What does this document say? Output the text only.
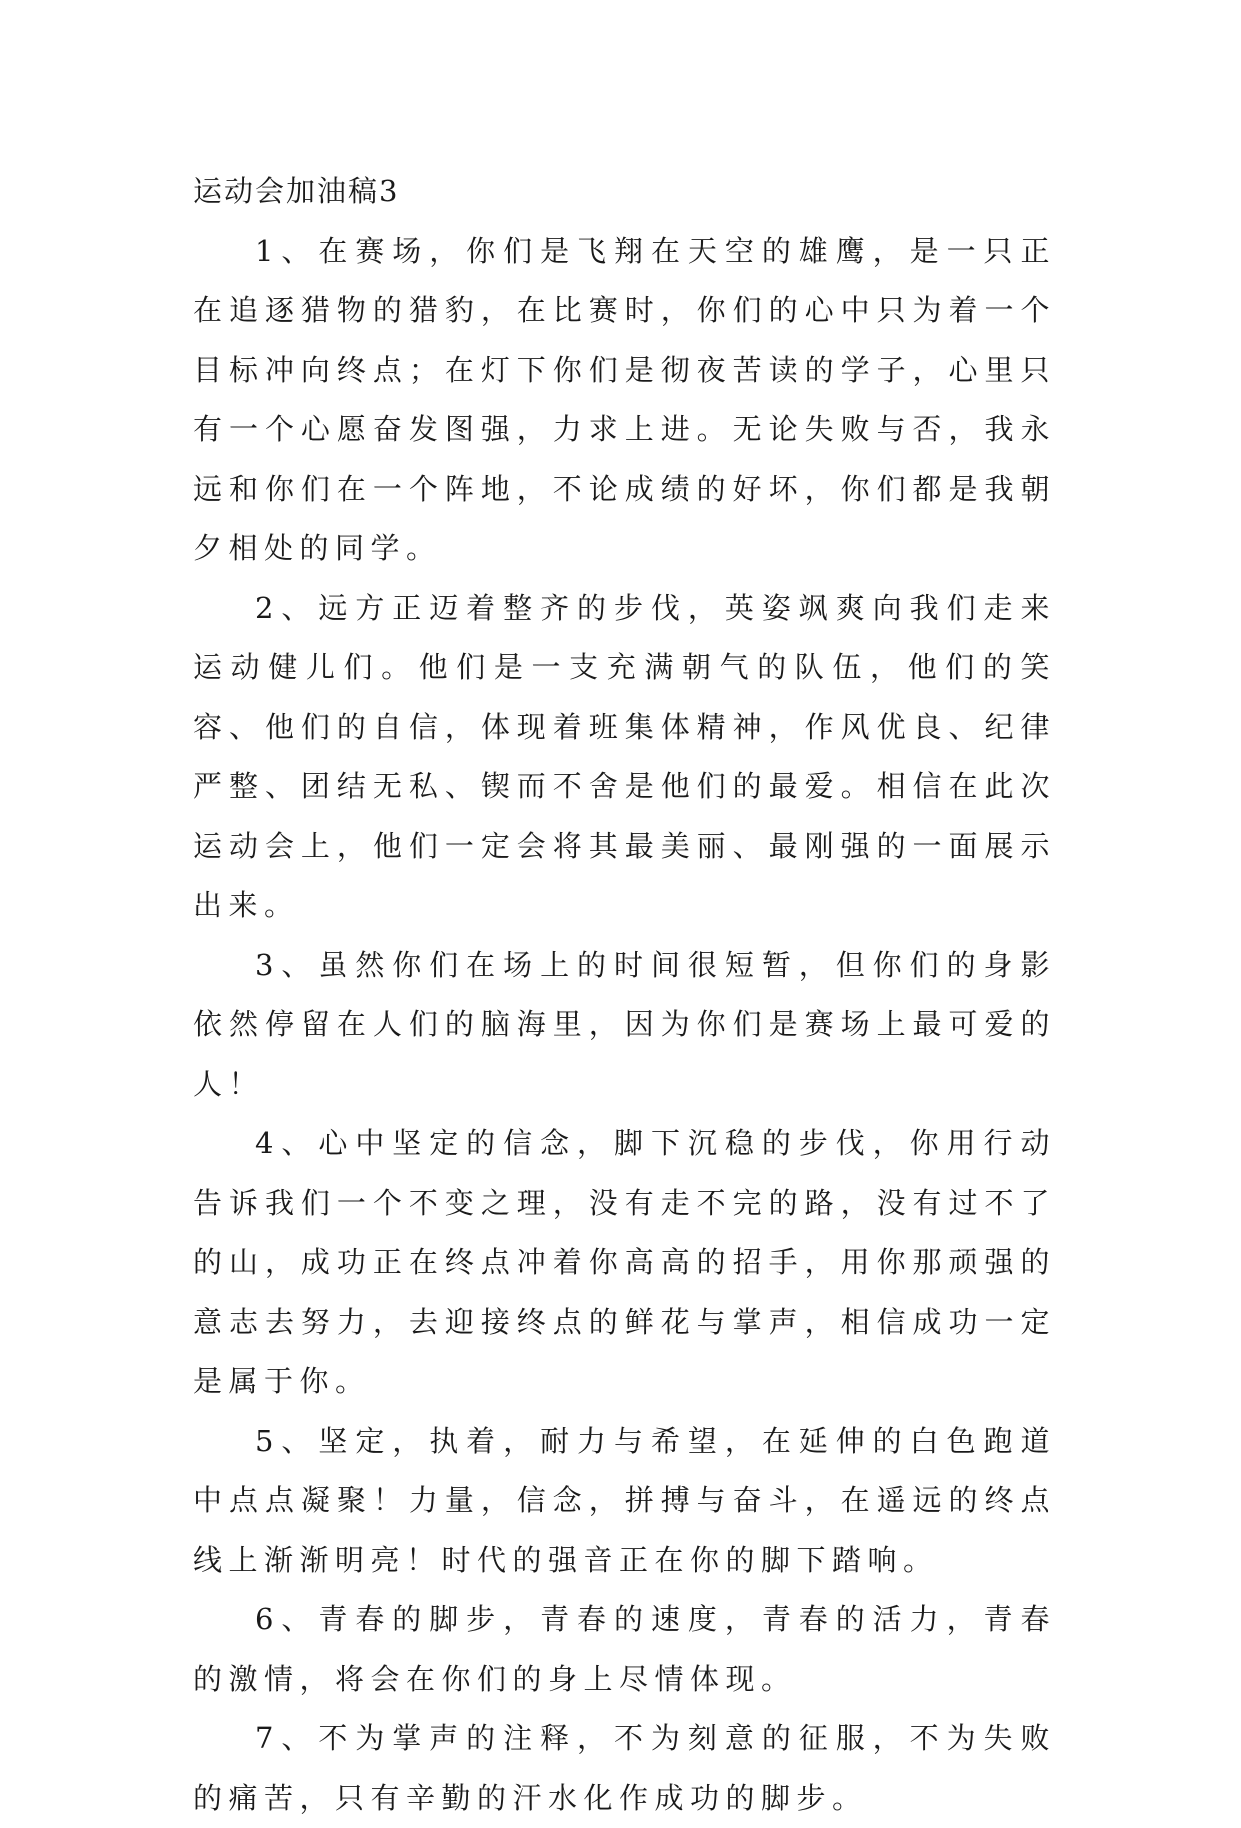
运动会加油稿3

1、在赛场，你们是飞翔在天空的雄鹰，是一只正在追逐猎物的猎豹，在比赛时，你们的心中只为着一个目标冲向终点；在灯下你们是彻夜苦读的学子，心里只有一个心愿奋发图强，力求上进。无论失败与否，我永远和你们在一个阵地，不论成绩的好坏，你们都是我朝夕相处的同学。

2、远方正迈着整齐的步伐，英姿飒爽向我们走来运动健儿们。他们是一支充满朝气的队伍，他们的笑容、他们的自信，体现着班集体精神，作风优良、纪律严整、团结无私、锲而不舍是他们的最爱。相信在此次运动会上，他们一定会将其最美丽、最刚强的一面展示出来。

3、虽然你们在场上的时间很短暂，但你们的身影依然停留在人们的脑海里，因为你们是赛场上最可爱的人！

4、心中坚定的信念，脚下沉稳的步伐，你用行动告诉我们一个不变之理，没有走不完的路，没有过不了的山，成功正在终点冲着你高高的招手，用你那顽强的意志去努力，去迎接终点的鲜花与掌声，相信成功一定是属于你。

5、坚定，执着，耐力与希望，在延伸的白色跑道中点点凝聚！力量，信念，拼搏与奋斗，在遥远的终点线上渐渐明亮！时代的强音正在你的脚下踏响。

6、青春的脚步，青春的速度，青春的活力，青春的激情，将会在你们的身上尽情体现。

7、不为掌声的注释，不为刻意的征服，不为失败的痛苦，只有辛勤的汗水化作成功的脚步。
